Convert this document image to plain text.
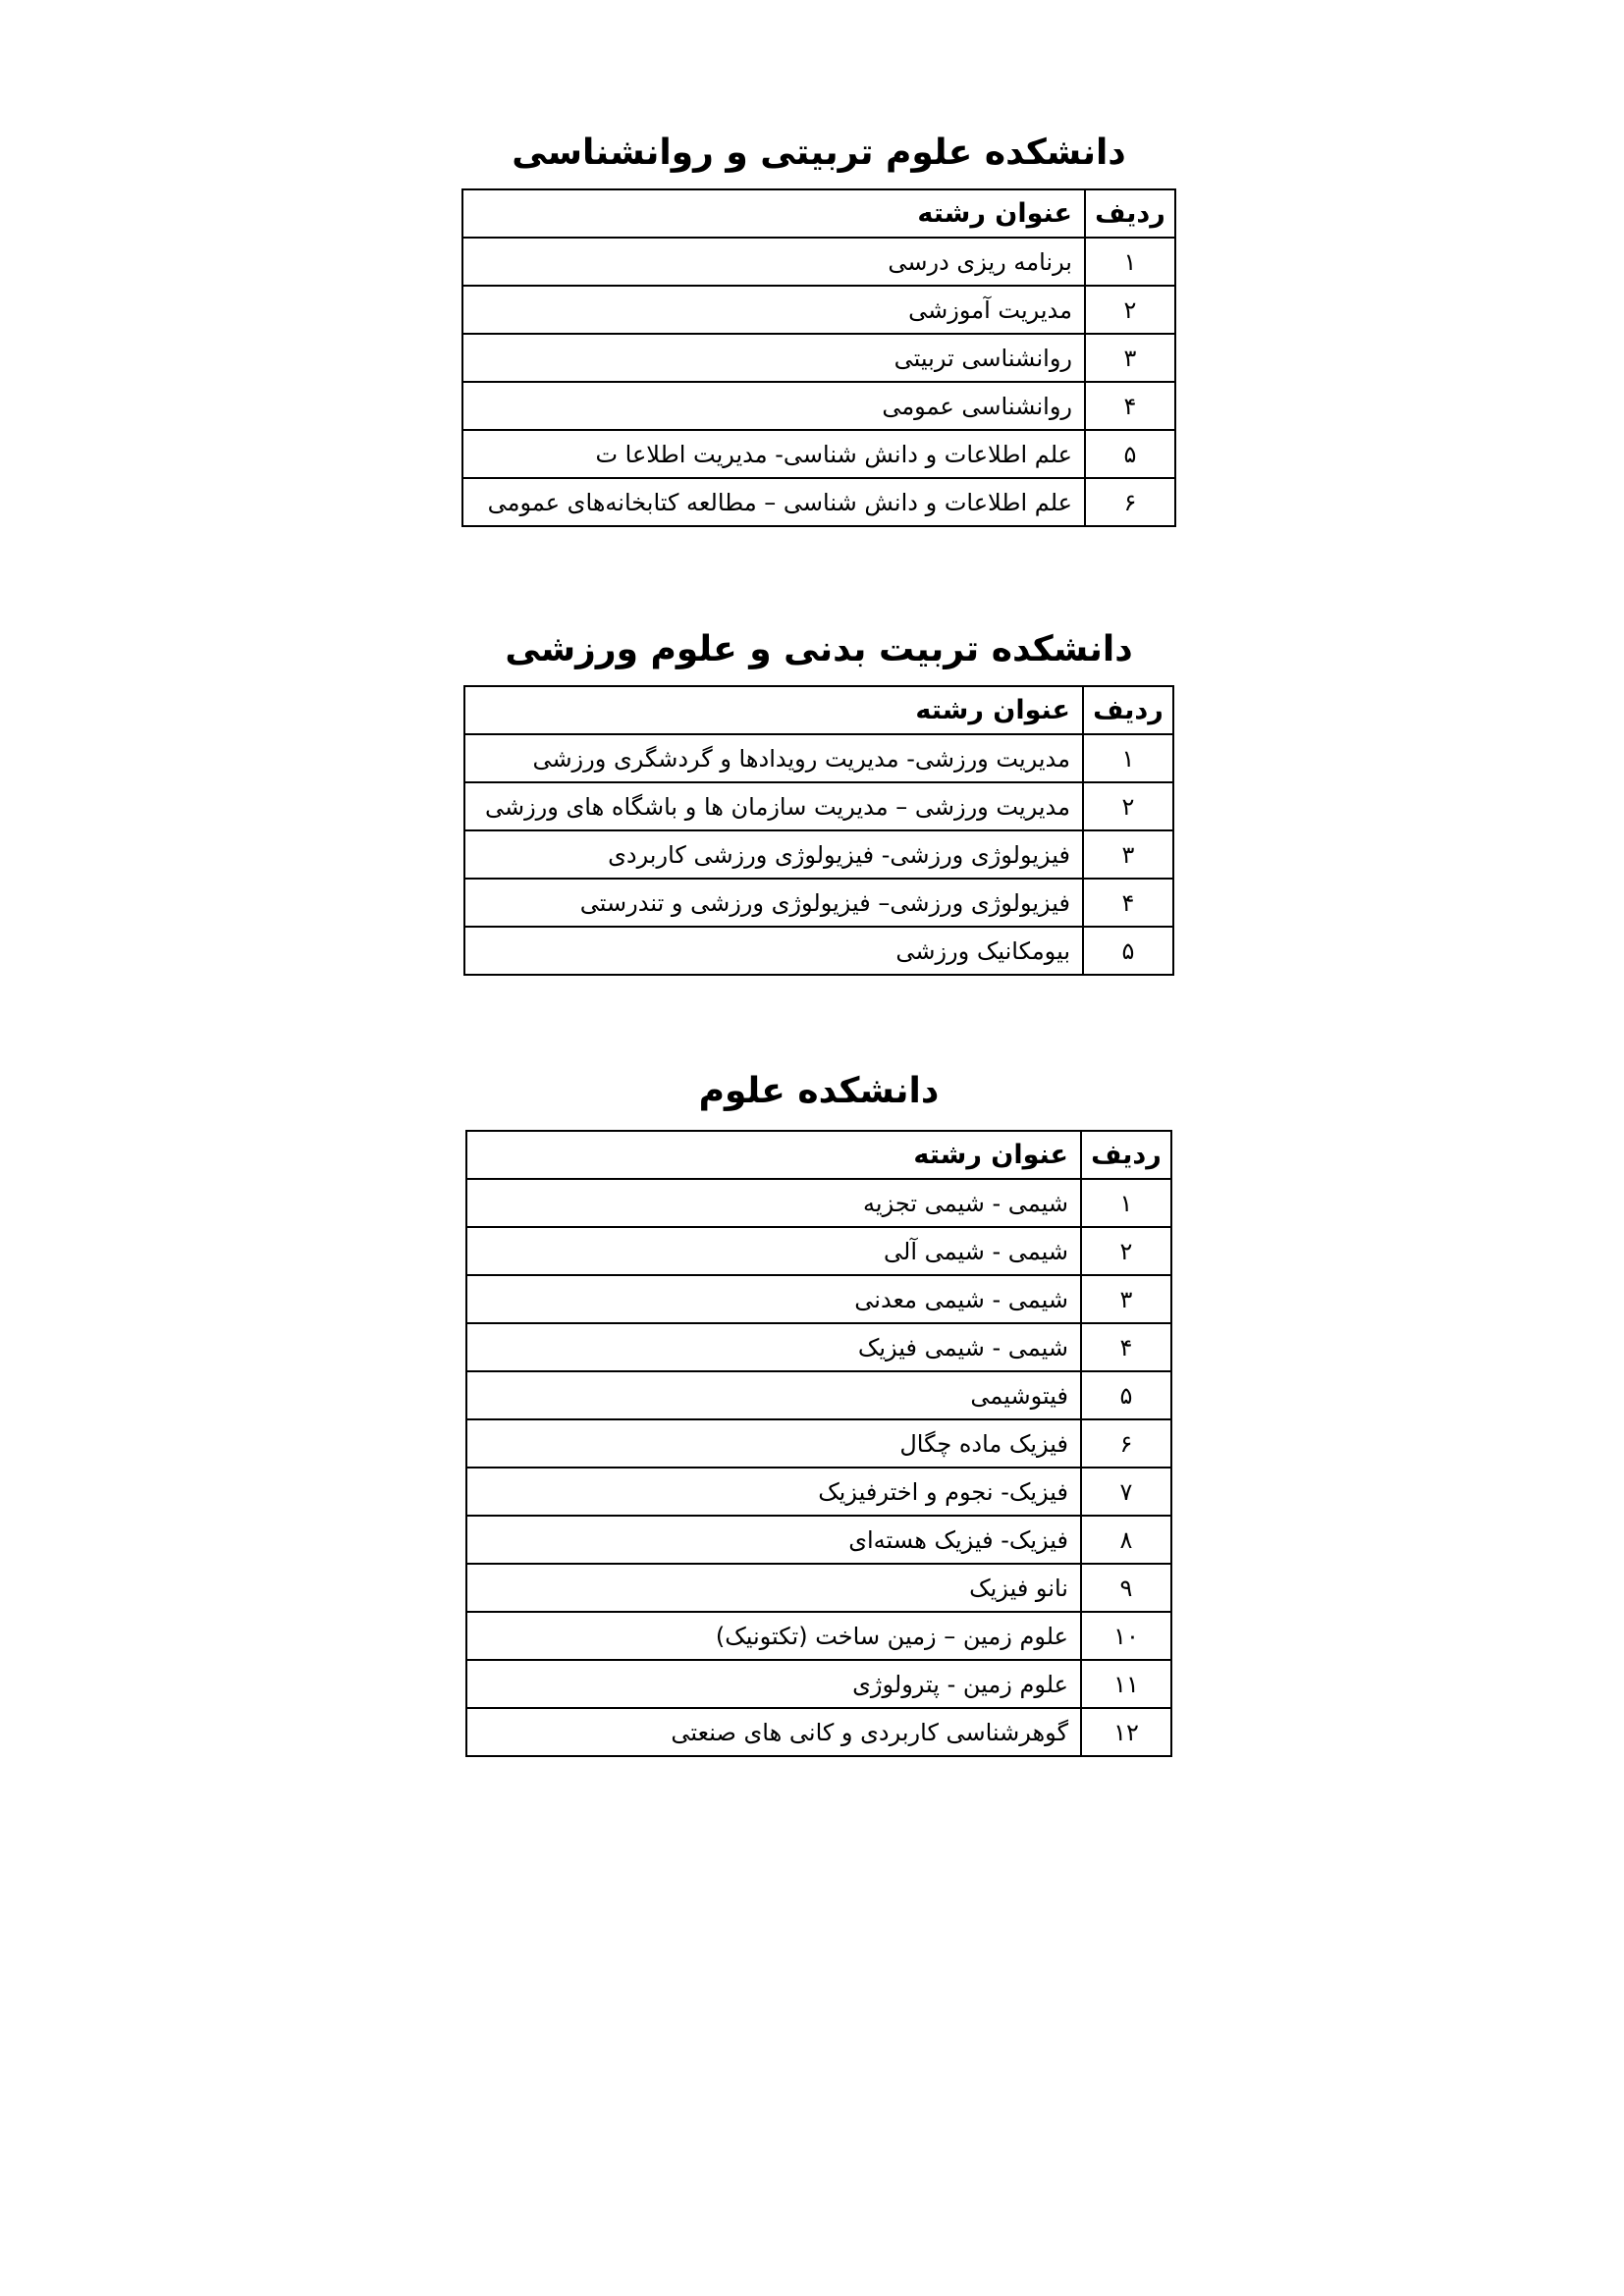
دانشکده علوم تربیتی و روانشناسی
ردیف	عنوان رشته
۱	برنامه ریزی درسی
۲	مدیریت آموزشی
۳	روانشناسی تربیتی
۴	روانشناسی عمومی
۵	علم اطلاعات و دانش شناسی- مدیریت اطلاعا ت
۶	علم اطلاعات و دانش شناسی – مطالعه کتابخانه‌های عمومی
دانشکده تربیت بدنی و علوم ورزشی
ردیف	عنوان رشته
۱	مدیریت ورزشی- مدیریت رویدادها و گردشگری ورزشی
۲	مدیریت ورزشی – مدیریت سازمان ها و باشگاه های ورزشی
۳	فیزیولوژی ورزشی- فیزیولوژی ورزشی کاربردی
۴	فیزیولوژی ورزشی– فیزیولوژی ورزشی و تندرستی
۵	بیومکانیک ورزشی
دانشکده علوم
ردیف	عنوان رشته
۱	شیمی - شیمی تجزیه
۲	شیمی - شیمی آلی
۳	شیمی - شیمی معدنی
۴	شیمی - شیمی فیزیک
۵	فیتوشیمی
۶	فیزیک ماده چگال
۷	فیزیک- نجوم و اخترفیزیک
۸	فیزیک- فیزیک هسته‌ای
۹	نانو فیزیک
۱۰	علوم زمین – زمین ساخت (تکتونیک)
۱۱	علوم زمین - پترولوژی
۱۲	گوهرشناسی کاربردی و کانی های صنعتی
